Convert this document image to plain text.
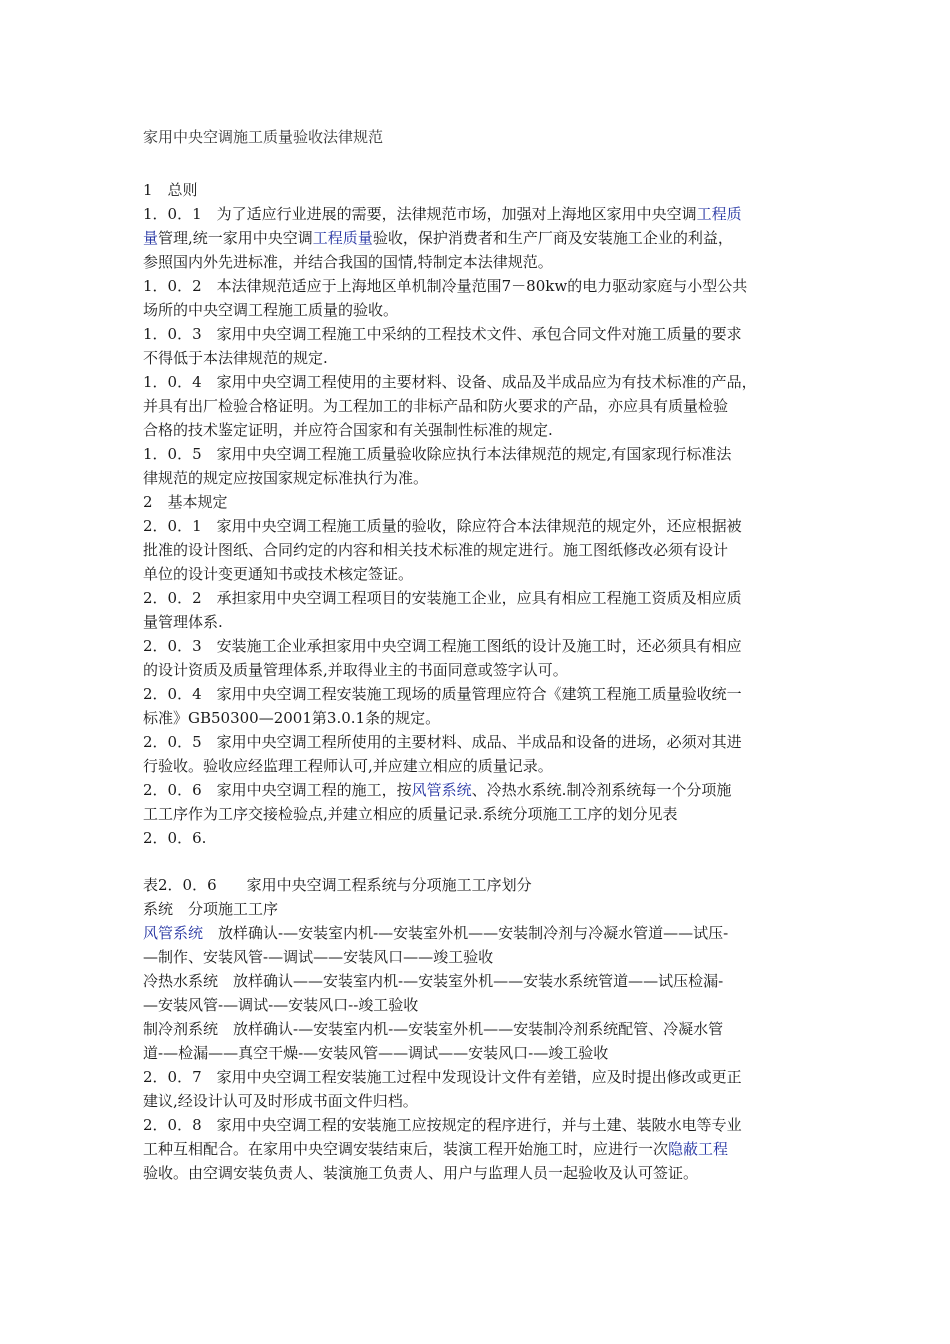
家用中央空调施工质量验收法律规范
1　总则
1．0．1　为了适应行业进展的需要，法律规范市场，加强对上海地区家用中央空调工程质
量管理,统一家用中央空调工程质量验收，保护消费者和生产厂商及安装施工企业的利益，
参照国内外先进标准，并结合我国的国情,特制定本法律规范。
1．0．2　本法律规范适应于上海地区单机制冷量范围7－80kw的电力驱动家庭与小型公共
场所的中央空调工程施工质量的验收。
1．0．3　家用中央空调工程施工中采纳的工程技术文件、承包合同文件对施工质量的要求
不得低于本法律规范的规定.
1．0．4　家用中央空调工程使用的主要材料、设备、成品及半成品应为有技术标准的产品，
并具有出厂检验合格证明。为工程加工的非标产品和防火要求的产品，亦应具有质量检验
合格的技术鉴定证明，并应符合国家和有关强制性标准的规定.
1．0．5　家用中央空调工程施工质量验收除应执行本法律规范的规定,有国家现行标准法
律规范的规定应按国家规定标准执行为准。
2　基本规定
2．0．1　家用中央空调工程施工质量的验收，除应符合本法律规范的规定外，还应根据被
批准的设计图纸、合同约定的内容和相关技术标准的规定进行。施工图纸修改必须有设计
单位的设计变更通知书或技术核定签证。
2．0．2　承担家用中央空调工程项目的安装施工企业，应具有相应工程施工资质及相应质
量管理体系.
2．0．3　安装施工企业承担家用中央空调工程施工图纸的设计及施工时，还必须具有相应
的设计资质及质量管理体系,并取得业主的书面同意或签字认可。
2．0．4　家用中央空调工程安装施工现场的质量管理应符合《建筑工程施工质量验收统一
标准》GB50300—2001第3.0.1条的规定。
2．0．5　家用中央空调工程所使用的主要材料、成品、半成品和设备的进场，必须对其进
行验收。验收应经监理工程师认可,并应建立相应的质量记录。
2．0．6　家用中央空调工程的施工，按风管系统、冷热水系统.制冷剂系统每一个分项施
工工序作为工序交接检验点,并建立相应的质量记录.系统分项施工工序的划分见表
2．0．6.
表2．0．6　　家用中央空调工程系统与分项施工工序划分
系统　分项施工工序
风管系统　放样确认-—安装室内机-—安装室外机——安装制冷剂与冷凝水管道——试压-
—制作、安装风管-—调试——安装风口——竣工验收
冷热水系统　放样确认——安装室内机-—安装室外机——安装水系统管道——试压检漏-
—安装风管-—调试-—安装风口--竣工验收
制冷剂系统　放样确认-—安装室内机-—安装室外机——安装制冷剂系统配管、冷凝水管
道-—检漏——真空干燥-—安装风管——调试——安装风口-—竣工验收
2．0．7　家用中央空调工程安装施工过程中发现设计文件有差错，应及时提出修改或更正
建议,经设计认可及时形成书面文件归档。
2．0．8　家用中央空调工程的安装施工应按规定的程序进行，并与土建、装陂水电等专业
工种互相配合。在家用中央空调安装结束后，装演工程开始施工时，应进行一次隐蔽工程
验收。由空调安装负责人、装演施工负责人、用户与监理人员一起验收及认可签证。
